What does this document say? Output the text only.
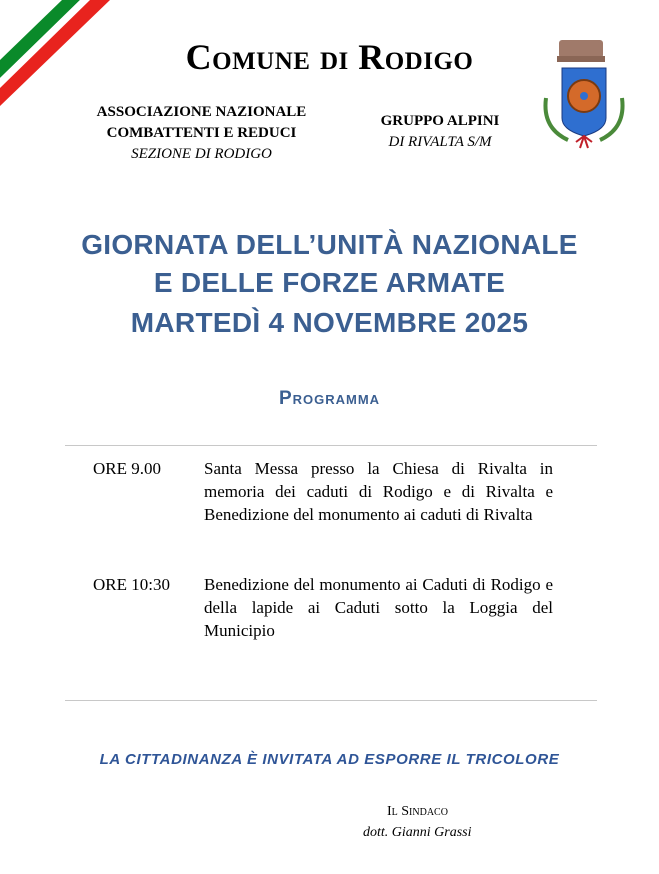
Comune di Rodigo
ASSOCIAZIONE NAZIONALE
COMBATTENTI E REDUCI
SEZIONE DI RODIGO
GRUPPO ALPINI
DI RIVALTA S/M
GIORNATA DELL’UNITÀ NAZIONALE
E DELLE FORZE ARMATE
MARTEDÌ 4 NOVEMBRE 2025
Programma
ORE 9.00	Santa Messa presso la Chiesa di Rivalta in memoria dei caduti di Rodigo e di Rivalta e Benedizione del monumento ai caduti di Rivalta
ORE 10:30 Benedizione del monumento ai Caduti di Rodigo e della lapide ai Caduti sotto la Loggia del Municipio
LA CITTADINANZA È INVITATA AD ESPORRE IL TRICOLORE
Il Sindaco
dott. Gianni Grassi
